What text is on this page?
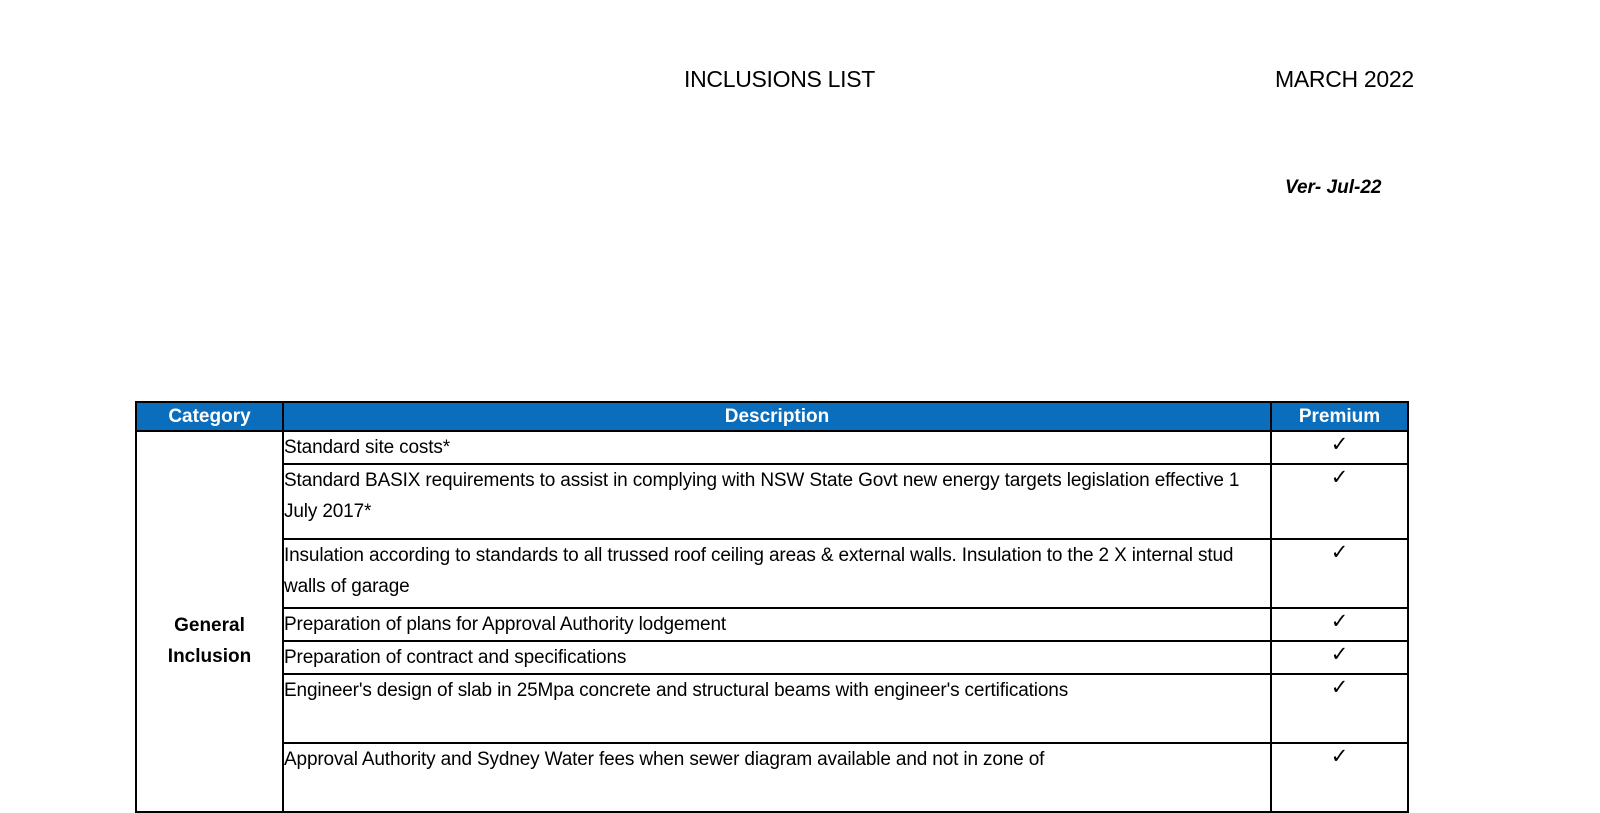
INCLUSIONS LIST	MARCH 2022
Ver- Jul-22
Category	Description	Premium

General Inclusion	Standard site costs*	✓
	Standard BASIX requirements to assist in complying with NSW State Govt new energy targets legislation effective 1 July 2017*	✓
	Insulation according to standards to all trussed roof ceiling areas & external walls. Insulation to the 2 X internal stud walls of garage	✓
	Preparation of plans for Approval Authority lodgement	✓
	Preparation of contract and specifications	✓
	Engineer's design of slab in 25Mpa concrete and structural beams with engineer's certifications	✓
	Approval Authority and Sydney Water fees when sewer diagram available and not in zone of	✓
